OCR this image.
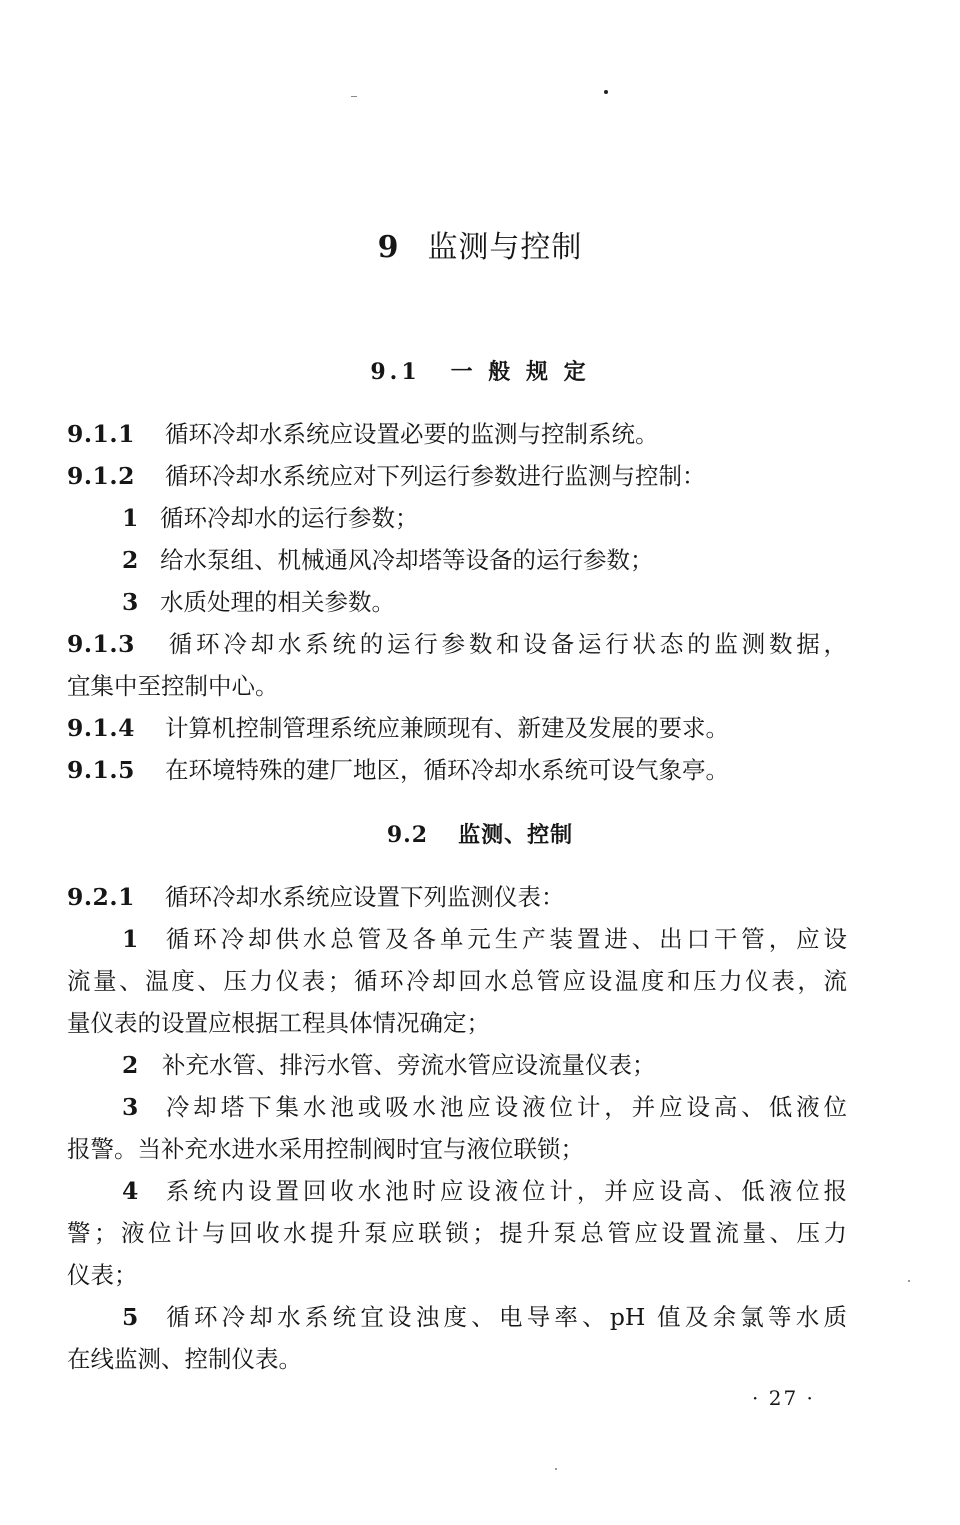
9 监测与控制
9.1 一 般 规 定
9.1.1 循环冷却水系统应设置必要的监测与控制系统。
9.1.2 循环冷却水系统应对下列运行参数进行监测与控制：
1 循环冷却水的运行参数；
2 给水泵组、机械通风冷却塔等设备的运行参数；
3 水质处理的相关参数。
9.1.3 循环冷却水系统的运行参数和设备运行状态的监测数据，
宜集中至控制中心。
9.1.4 计算机控制管理系统应兼顾现有、新建及发展的要求。
9.1.5 在环境特殊的建厂地区，循环冷却水系统可设气象亭。
9.2 监测、控制
9.2.1 循环冷却水系统应设置下列监测仪表：
1 循环冷却供水总管及各单元生产装置进、出口干管，应设
流量、温度、压力仪表；循环冷却回水总管应设温度和压力仪表，流
量仪表的设置应根据工程具体情况确定；
2 补充水管、排污水管、旁流水管应设流量仪表；
3 冷却塔下集水池或吸水池应设液位计，并应设高、低液位
报警。当补充水进水采用控制阀时宜与液位联锁；
4 系统内设置回收水池时应设液位计，并应设高、低液位报
警；液位计与回收水提升泵应联锁；提升泵总管应设置流量、压力
仪表；
5 循环冷却水系统宜设浊度、电导率、pH 值及余氯等水质
在线监测、控制仪表。
· 27 ·
